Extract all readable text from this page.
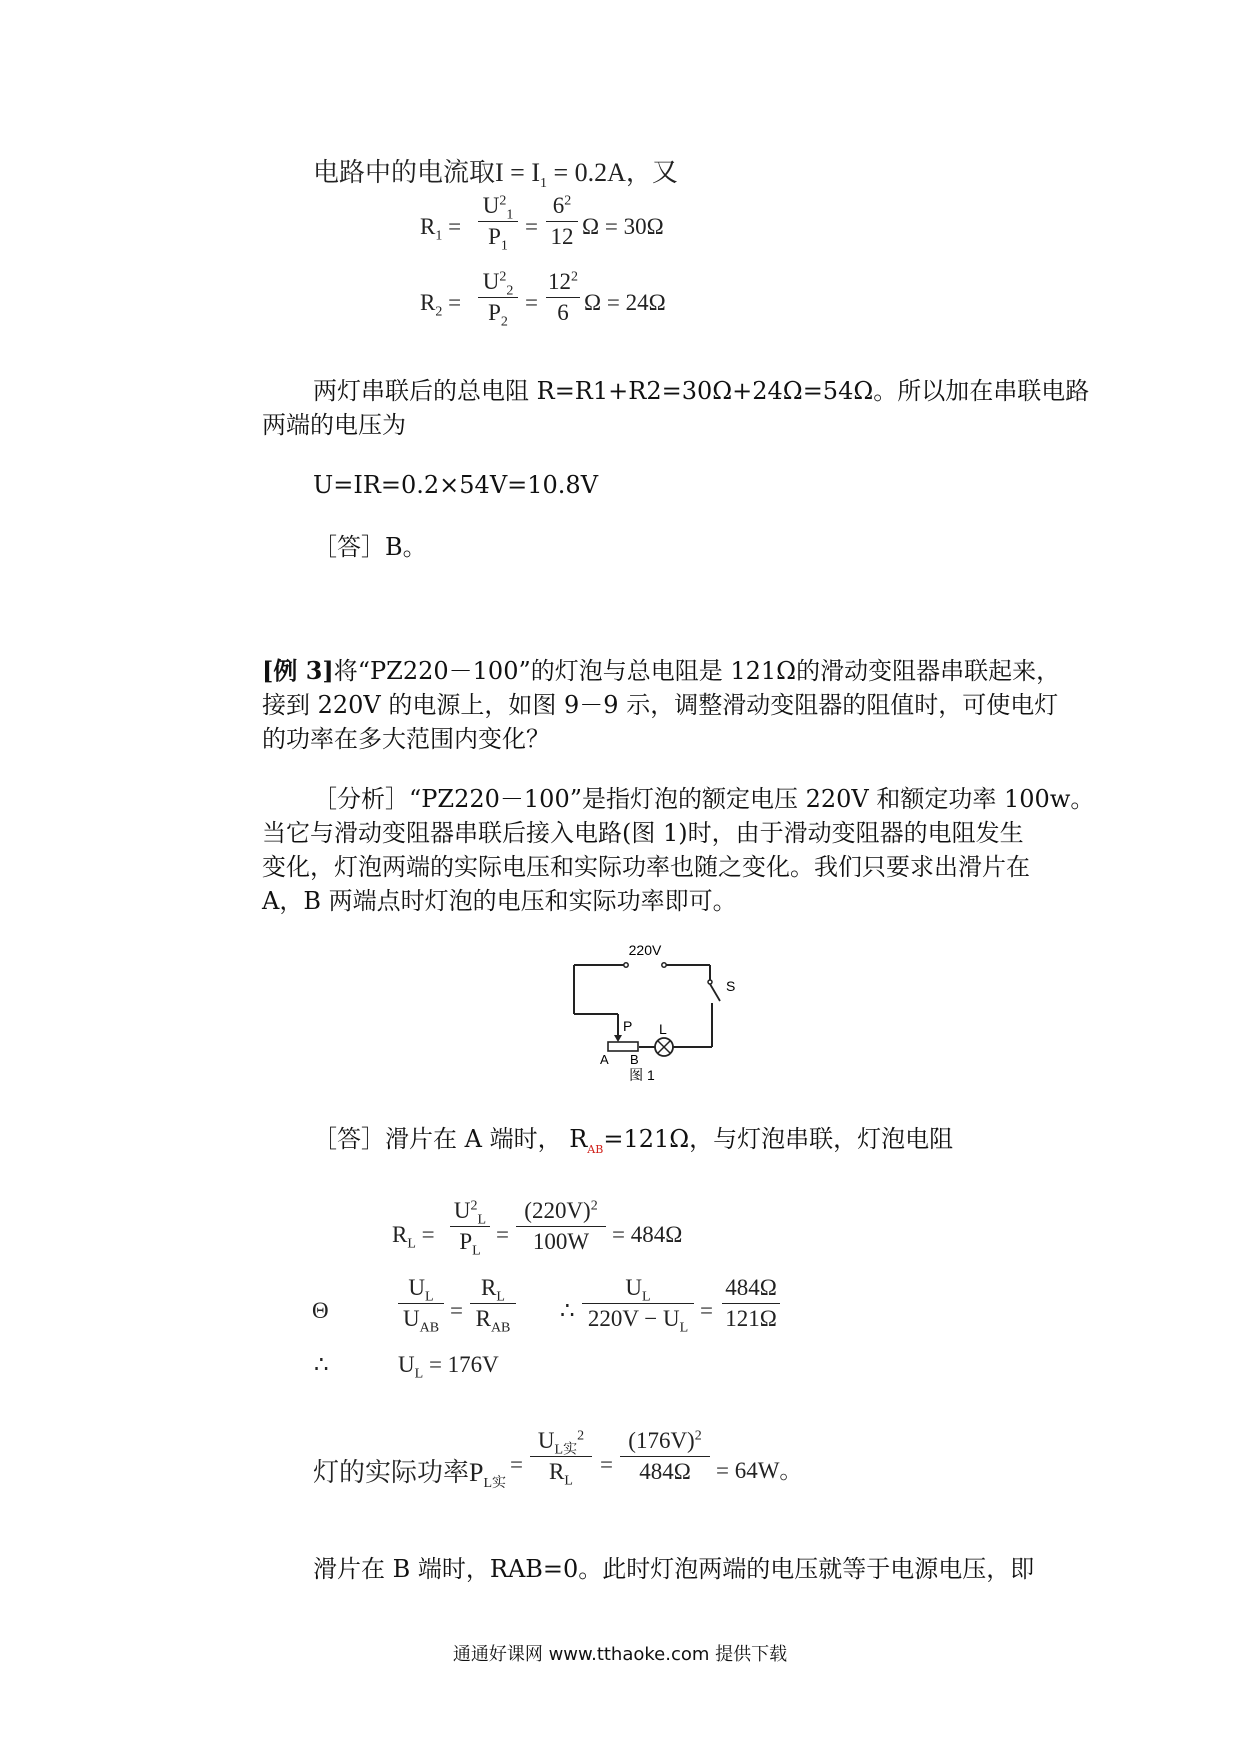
电路中的电流取$I = I_1 = 0.2A$，又
$R_1$ =
$U^2_1$
$P_1$
=
$6^2$
12 Ω = 30Ω
$R_2$ =
$U^2_2$
$P_2$
=
$12^2$
6 Ω = 24Ω
两灯串联后的总电阻 R=R1+R2=30Ω+24Ω=54Ω。所以加在串联电路
两端的电压为
U=IR=0.2×54V=10.8V
［答］B。
[例 3]将“PZ220－100”的灯泡与总电阻是 121Ω的滑动变阻器串联起来，
接到 220V 的电源上，如图 9－9 示，调整滑动变阻器的阻值时，可使电灯
的功率在多大范围内变化？
［分析］“PZ220－100”是指灯泡的额定电压 220V 和额定功率 100w。
当它与滑动变阻器串联后接入电路(图 1)时，由于滑动变阻器的电阻发生
变化，灯泡两端的实际电压和实际功率也随之变化。我们只要求出滑片在
A，B 两端点时灯泡的电压和实际功率即可。
220V
S
L
P
A B
图 1
［答］滑片在 A 端时， $R_{AB}=121\Omega$，与灯泡串联，灯泡电阻
$R_L$ =
$U^2_L$
$P_L$
=
$(220V)^2$
100W = 484Ω
Θ
$U_L$
$U_{AB}$
=
$R_L$
$R_{AB}$
∴
$U_L$
$220V - U_L$
=
484Ω
121Ω
∴	$U_L = 176V$
灯的实际功率$P_{L实}$
=
$U_{L实}^2$
$R_L$
=
$(176V)^2$
484Ω	= 64W。
滑片在 B 端时，RAB=0。此时灯泡两端的电压就等于电源电压，即
通通好课网 www.tthaoke.com 提供下载
